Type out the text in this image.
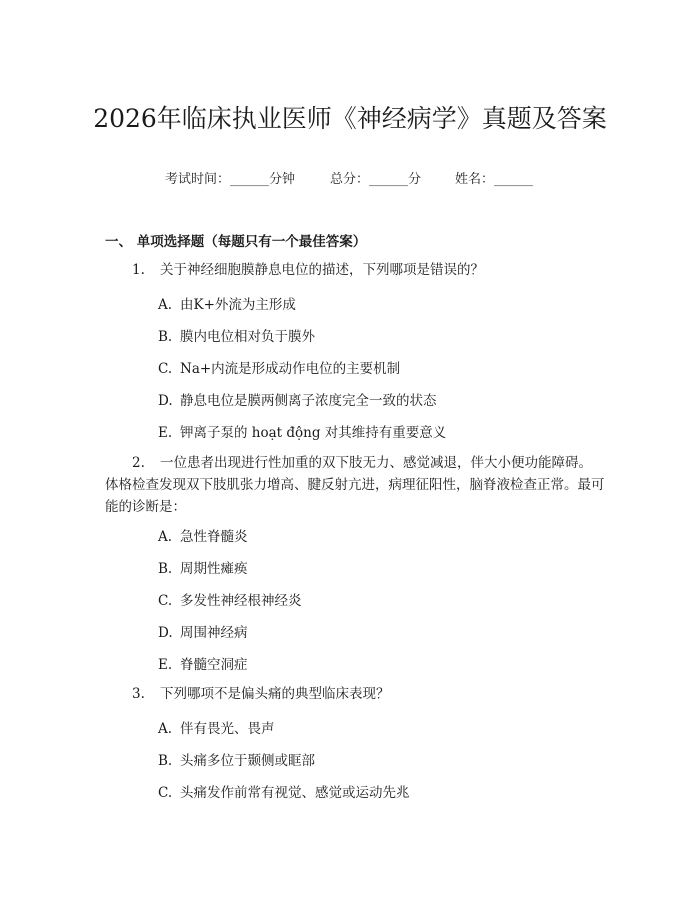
2026年临床执业医师《神经病学》真题及答案
考试时间：______分钟	总分：______分	姓名：______
一、 单项选择题（每题只有一个最佳答案）
1. 关于神经细胞膜静息电位的描述，下列哪项是错误的？
A. 由K+外流为主形成
B. 膜内电位相对负于膜外
C. Na+内流是形成动作电位的主要机制
D. 静息电位是膜两侧离子浓度完全一致的状态
E. 钾离子泵的 hoạt động 对其维持有重要意义
2. 一位患者出现进行性加重的双下肢无力、感觉减退，伴大小便功能障碍。体格检查发现双下肢肌张力增高、腱反射亢进，病理征阳性，脑脊液检查正常。最可能的诊断是：
A. 急性脊髓炎
B. 周期性瘫痪
C. 多发性神经根神经炎
D. 周围神经病
E. 脊髓空洞症
3. 下列哪项不是偏头痛的典型临床表现？
A. 伴有畏光、畏声
B. 头痛多位于颞侧或眶部
C. 头痛发作前常有视觉、感觉或运动先兆
